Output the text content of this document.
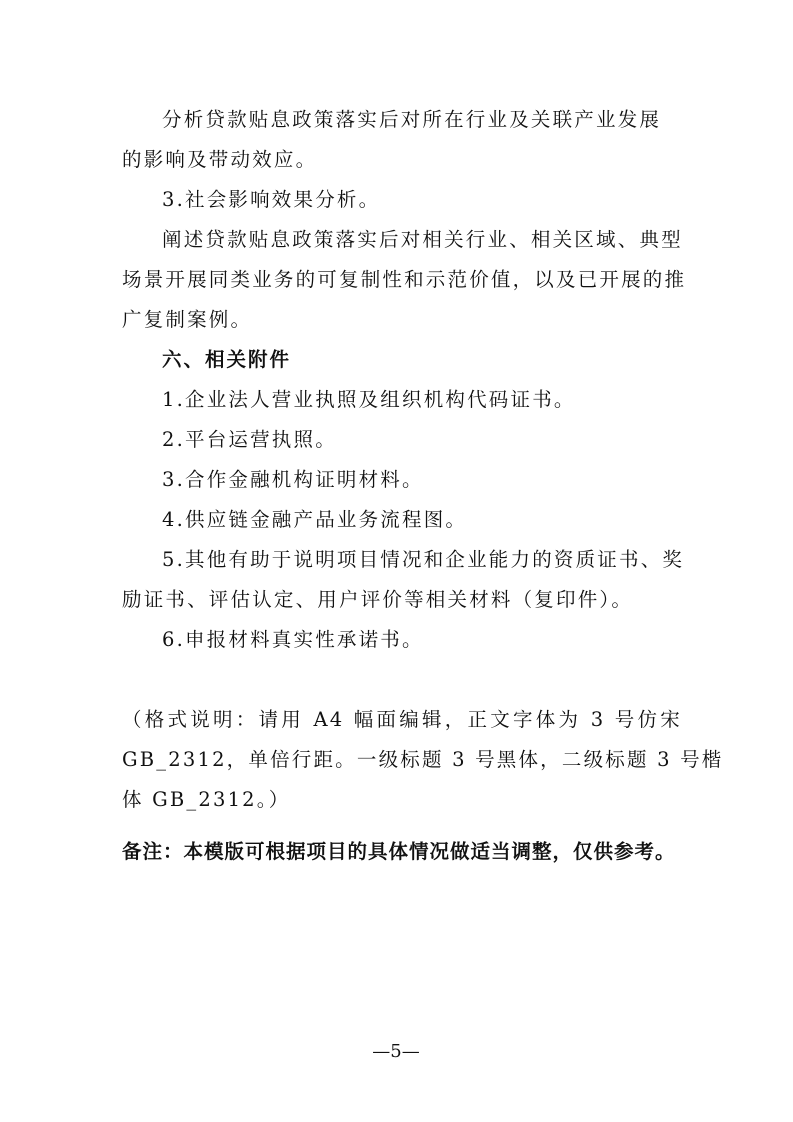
分析贷款贴息政策落实后对所在行业及关联产业发展
的影响及带动效应。
3.社会影响效果分析。
阐述贷款贴息政策落实后对相关行业、相关区域、典型
场景开展同类业务的可复制性和示范价值，以及已开展的推
广复制案例。
六、相关附件
1.企业法人营业执照及组织机构代码证书。
2.平台运营执照。
3.合作金融机构证明材料。
4.供应链金融产品业务流程图。
5.其他有助于说明项目情况和企业能力的资质证书、奖
励证书、评估认定、用户评价等相关材料（复印件）。
6.申报材料真实性承诺书。
（格式说明：请用 A4 幅面编辑，正文字体为 3 号仿宋
GB_2312，单倍行距。一级标题 3 号黑体，二级标题 3 号楷
体 GB_2312。）
备注：本模版可根据项目的具体情况做适当调整，仅供参考。
—5—
